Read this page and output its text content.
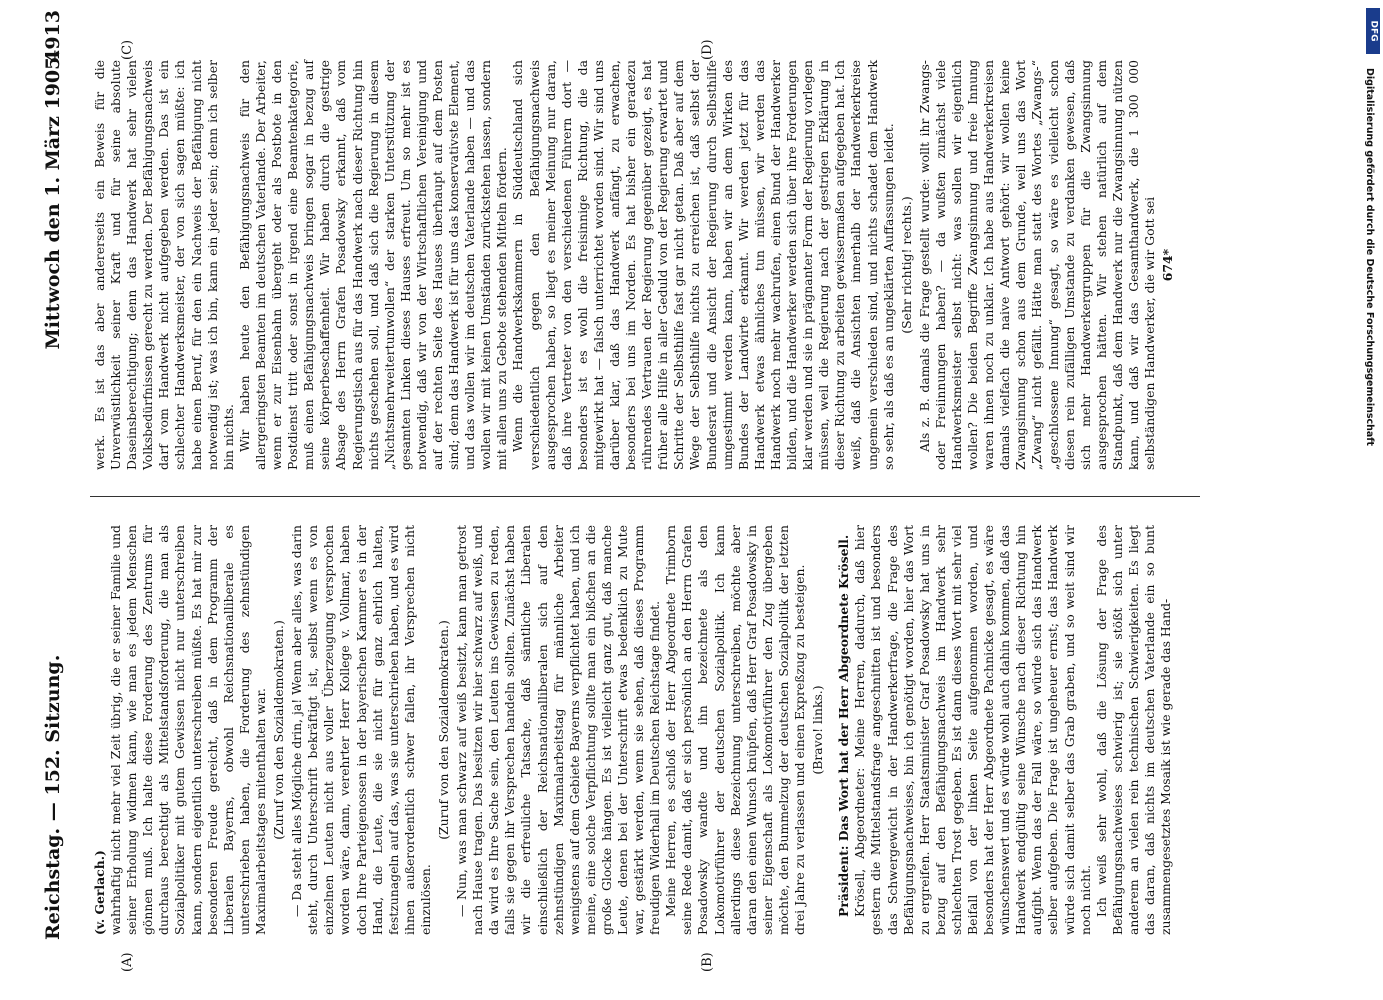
Reichstag. — 152. Sitzung.
Mittwoch den 1. März 1905.
4913
(A)	(B)
(C)	(D)

(v. Gerlach.) wahrhaftig nicht mehr viel Zeit übrig, die er seiner Familie und seiner Erholung widmen kann, wie man es jedem Menschen gönnen muß. Ich halte diese Forderung des Zentrums für durchaus berechtigt als Mittelstandsforderung, die man als Sozialpolitiker mit gutem Gewissen nicht nur unterschreiben kann, sondern eigentlich unterschreiben müßte. Es hat mir zur besonderen Freude gereicht, daß in dem Programm der Liberalen Bayerns, obwohl Reichsnationalliberale es unterschrieben haben, die Forderung des zehnstündigen Maximalarbeitstages mitenthalten war. (Zuruf von den Sozialdemokraten.) — Da steht alles Mögliche drin, ja! Wenn aber alles, was darin steht, durch Unterschrift bekräftigt ist, selbst wenn es von einzelnen Leuten nicht aus voller Überzeugung versprochen worden wäre, dann, verehrter Herr Kollege v. Vollmar, haben doch Ihre Parteigenossen in der bayerischen Kammer es in der Hand, die Leute, die sie nicht für ganz ehrlich halten, festzunageln auf das, was sie unterschrieben haben, und es wird ihnen außerordentlich schwer fallen, ihr Versprechen nicht einzulösen.

(Zuruf von den Sozialdemokraten.) — Nun, was man schwarz auf weiß besitzt, kann man getrost nach Hause tragen. Das besitzen wir hier schwarz auf weiß, und da wird es Ihre Sache sein, den Leuten ins Gewissen zu reden, falls sie gegen ihr Versprechen handeln sollten. Zunächst haben wir die erfreuliche Tatsache, daß sämtliche Liberalen einschließlich der Reichsnationalliberalen sich auf den zehnstündigen Maximalarbeitstag für männliche Arbeiter wenigstens auf dem Gebiete Bayerns verpflichtet haben, und ich meine, eine solche Verpflichtung sollte man ein bißchen an die große Glocke hängen. Es ist vielleicht ganz gut, daß manche Leute, denen bei der Unterschrift etwas bedenklich zu Mute war, gestärkt werden, wenn sie sehen, daß dieses Programm freudigen Widerhall im Deutschen Reichstage findet. Meine Herren, es schloß der Herr Abgeordnete Trimborn seine Rede damit, daß er sich persönlich an den Herrn Grafen Posadowsky wandte und ihn bezeichnete als den Lokomotivführer der deutschen Sozialpolitik. Ich kann allerdings diese Bezeichnung unterschreiben, möchte aber daran den einen Wunsch knüpfen, daß Herr Graf Posadowsky in seiner Eigenschaft als Lokomotivführer den Zug übergeben möchte, den Bummelzug der deutschen Sozialpolitik der letzten drei Jahre zu verlassen und einen Expreßzug zu besteigen. (Bravo! links.) Präsident: Das Wort hat der Herr Abgeordnete Krösell. Krösell, Abgeordneter: Meine Herren, dadurch, daß hier gestern die Mittelstandsfrage angeschnitten ist und besonders das Schwergewicht in der Handwerkerfrage, die Frage des Befähigungsnachweises, bin ich genötigt worden, hier das Wort zu ergreifen. Herr Staatsminister Graf Posadowsky hat uns in bezug auf den Befähigungsnachweis im Handwerk sehr schlechten Trost gegeben. Es ist dann dieses Wort mit sehr viel Beifall von der linken Seite aufgenommen worden, und besonders hat der Herr Abgeordnete Pachnicke gesagt, es wäre wünschenswert und es würde wohl auch dahin kommen, daß das Handwerk endgültig seine Wünsche nach dieser Richtung hin aufgibt. Wenn das der Fall wäre, so würde sich das Handwerk selber aufgeben. Die Frage ist ungeheuer ernst; das Handwerk würde sich damit selber das Grab graben, und so weit sind wir noch nicht. Ich weiß sehr wohl, daß die Lösung der Frage des Befähigungsnachweises schwierig ist; sie stößt sich unter anderem an vielen rein technischen Schwierigkeiten. Es liegt das daran, daß nichts im deutschen Vaterlande ein so bunt zusammengesetztes Mosaik ist wie gerade das Hand-

werk. Es ist das aber andererseits ein Beweis für die Unverwüstlichkeit seiner Kraft und für seine absolute Daseinsberechtigung; denn das Handwerk hat sehr vielen Volksbedürfnissen gerecht zu werden. Der Befähigungsnachweis darf vom Handwerk nicht aufgegeben werden. Das ist ein schlechter Handwerksmeister, der von sich sagen müßte: ich habe einen Beruf, für den ein Nachweis der Befähigung nicht notwendig ist; was ich bin, kann ein jeder sein; denn ich selber bin nichts. Wir haben heute den Befähigungsnachweis für den allergeringsten Beamten im deutschen Vaterlande. Der Arbeiter, wenn er zur Eisenbahn übergeht oder als Postbote in den Postdienst tritt oder sonst in irgend eine Beamtenkategorie, muß einen Befähigungsnachweis bringen sogar in bezug auf seine körperbeschaffenheit. Wir haben durch die gestrige Absage des Herrn Grafen Posadowsky erkannt, daß vom Regierungstisch aus für das Handwerk nach dieser Richtung hin nichts geschehen soll, und daß sich die Regierung in diesem „Nichtsmehrweitertunwollen“ der starken Unterstützung der gesamten Linken dieses Hauses erfreut. Um so mehr ist es notwendig, daß wir von der Wirtschaftlichen Vereinigung und auf der rechten Seite des Hauses überhaupt auf dem Posten sind; denn das Handwerk ist für uns das konservativste Element, und das wollen wir im deutschen Vaterlande haben — und das wollen wir mit keinen Umständen zurückstehen lassen, sondern mit allen uns zu Gebote stehenden Mitteln fördern. Wenn die Handwerkskammern in Süddeutschland sich verschiedentlich gegen den Befähigungsnachweis ausgesprochen haben, so liegt es meiner Meinung nur daran, daß ihre Vertreter von den verschiedenen Führern dort — besonders ist es wohl die freisinnige Richtung, die da mitgewirkt hat — falsch unterrichtet worden sind. Wir sind uns darüber klar, daß das Handwerk anfängt, zu erwachen, besonders bei uns im Norden. Es hat bisher ein geradezu rührendes Vertrauen der Regierung gegenüber gezeigt, es hat früher alle Hilfe in aller Geduld von der Regierung erwartet und Schritte der Selbsthilfe fast gar nicht getan. Daß aber auf dem Wege der Selbsthilfe nichts zu erreichen ist, daß selbst der Bundesrat und die Ansicht der Regierung durch Selbsthilfe umgestimmt werden kann, haben wir an dem Wirken des Bundes der Landwirte erkannt. Wir werden jetzt für das Handwerk etwas ähnliches tun müssen, wir werden das Handwerk noch mehr wachrufen, einen Bund der Handwerker bilden, und die Handwerker werden sich über ihre Forderungen klar werden und sie in prägnanter Form der Regierung vorlegen müssen, weil die Regierung nach der gestrigen Erklärung in dieser Richtung zu arbeiten gewissermaßen aufgegeben hat. Ich weiß, daß die Ansichten innerhalb der Handwerkerkreise ungemein verschieden sind, und nichts schadet dem Handwerk so sehr, als daß es an ungeklärten Auffassungen leidet. (Sehr richtig! rechts.) Als z. B. damals die Frage gestellt wurde: wollt ihr Zwangs- oder Freiinnungen haben? — da wußten zunächst viele Handwerksmeister selbst nicht: was sollen wir eigentlich wollen? Die beiden Begriffe Zwangsinnung und freie Innung waren ihnen noch zu unklar. Ich habe aus Handwerkerkreisen damals vielfach die naive Antwort gehört: wir wollen keine Zwangsinnung schon aus dem Grunde, weil uns das Wort „Zwang“ nicht gefällt. Hätte man statt des Wortes „Zwangs-“ „geschlossene Innung“ gesagt, so wäre es vielleicht schon diesen rein zufälligen Umstande zu verdanken gewesen, daß sich mehr Handwerkergruppen für die Zwangsinnung ausgesprochen hätten. Wir stehen natürlich auf dem Standpunkt, daß dem Handwerk nur die Zwangsinnung nützen kann, und daß wir das Gesamthandwerk, die 1 300 000 selbständigen Handwerker, die wir Gott sei 674*

DFG
Digitalisierung gefördert durch die Deutsche Forschungsgemeinschaft
